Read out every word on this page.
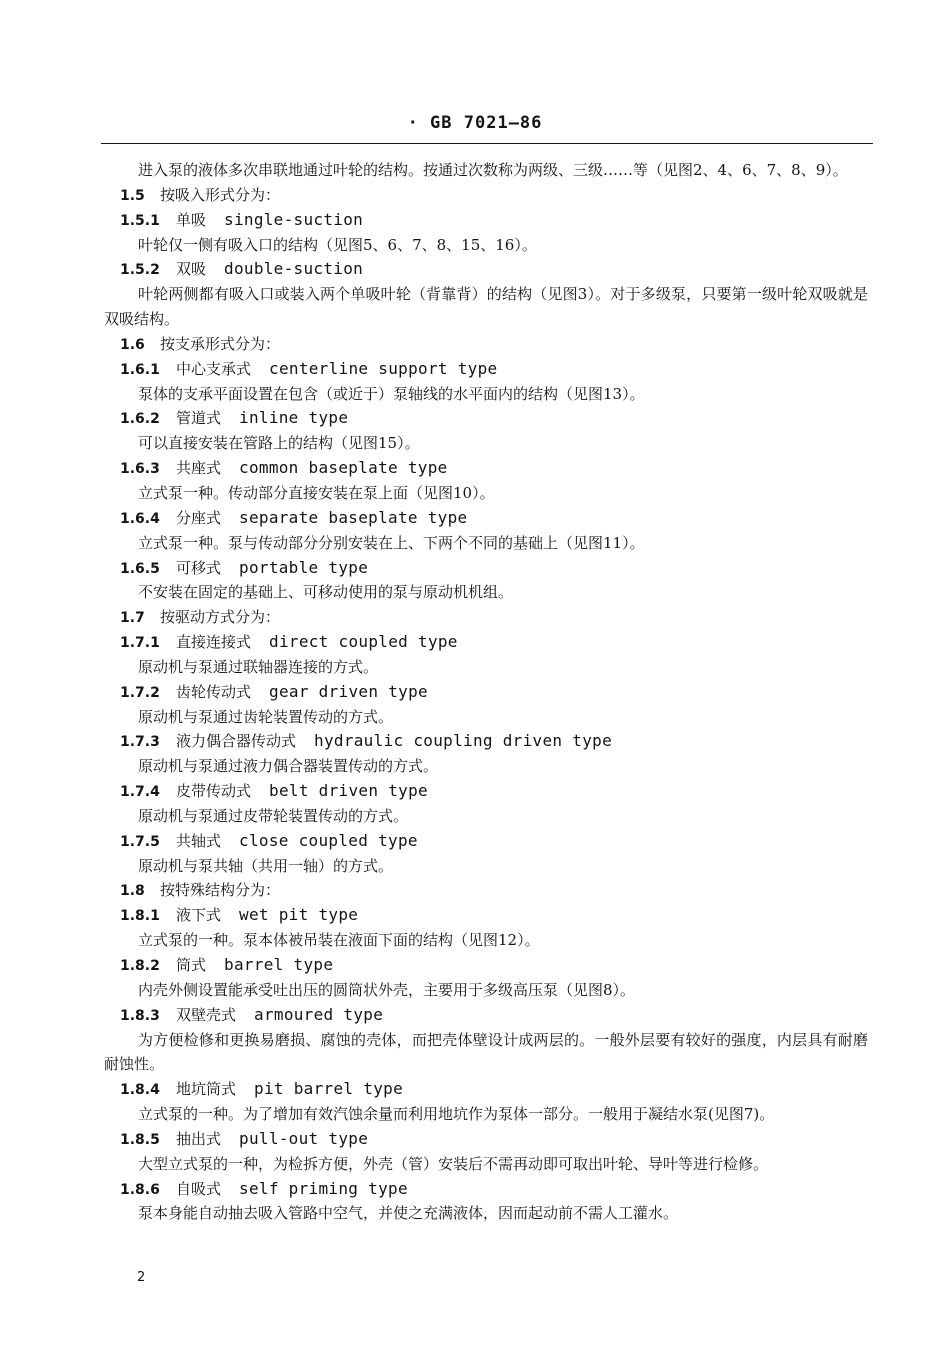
· GB 7021—86
进入泵的液体多次串联地通过叶轮的结构。按通过次数称为两级、三级……等（见图2、4、6、7、8、9）。
1.5 按吸入形式分为：
1.5.1 单吸 single-suction
叶轮仅一侧有吸入口的结构（见图5、6、7、8、15、16）。
1.5.2 双吸 double-suction
叶轮两侧都有吸入口或装入两个单吸叶轮（背靠背）的结构（见图3）。对于多级泵，只要第一级叶轮双吸就是双吸结构。
1.6 按支承形式分为：
1.6.1 中心支承式 centerline support type
泵体的支承平面设置在包含（或近于）泵轴线的水平面内的结构（见图13）。
1.6.2 管道式 inline type
可以直接安装在管路上的结构（见图15）。
1.6.3 共座式 common baseplate type
立式泵一种。传动部分直接安装在泵上面（见图10）。
1.6.4 分座式 separate baseplate type
立式泵一种。泵与传动部分分别安装在上、下两个不同的基础上（见图11）。
1.6.5 可移式 portable type
不安装在固定的基础上、可移动使用的泵与原动机机组。
1.7 按驱动方式分为：
1.7.1 直接连接式 direct coupled type
原动机与泵通过联轴器连接的方式。
1.7.2 齿轮传动式 gear driven type
原动机与泵通过齿轮装置传动的方式。
1.7.3 液力偶合器传动式 hydraulic coupling driven type
原动机与泵通过液力偶合器装置传动的方式。
1.7.4 皮带传动式 belt driven type
原动机与泵通过皮带轮装置传动的方式。
1.7.5 共轴式 close coupled type
原动机与泵共轴（共用一轴）的方式。
1.8 按特殊结构分为：
1.8.1 液下式 wet pit type
立式泵的一种。泵本体被吊装在液面下面的结构（见图12）。
1.8.2 筒式 barrel type
内壳外侧设置能承受吐出压的圆筒状外壳，主要用于多级高压泵（见图8）。
1.8.3 双壁壳式 armoured type
为方便检修和更换易磨损、腐蚀的壳体，而把壳体壁设计成两层的。一般外层要有较好的强度，内层具有耐磨耐蚀性。
1.8.4 地坑筒式 pit barrel type
立式泵的一种。为了增加有效汽蚀余量而利用地坑作为泵体一部分。一般用于凝结水泵(见图7)。
1.8.5 抽出式 pull-out type
大型立式泵的一种，为检拆方便，外壳（管）安装后不需再动即可取出叶轮、导叶等进行检修。
1.8.6 自吸式 self priming type
泵本身能自动抽去吸入管路中空气，并使之充满液体，因而起动前不需人工灌水。
2
